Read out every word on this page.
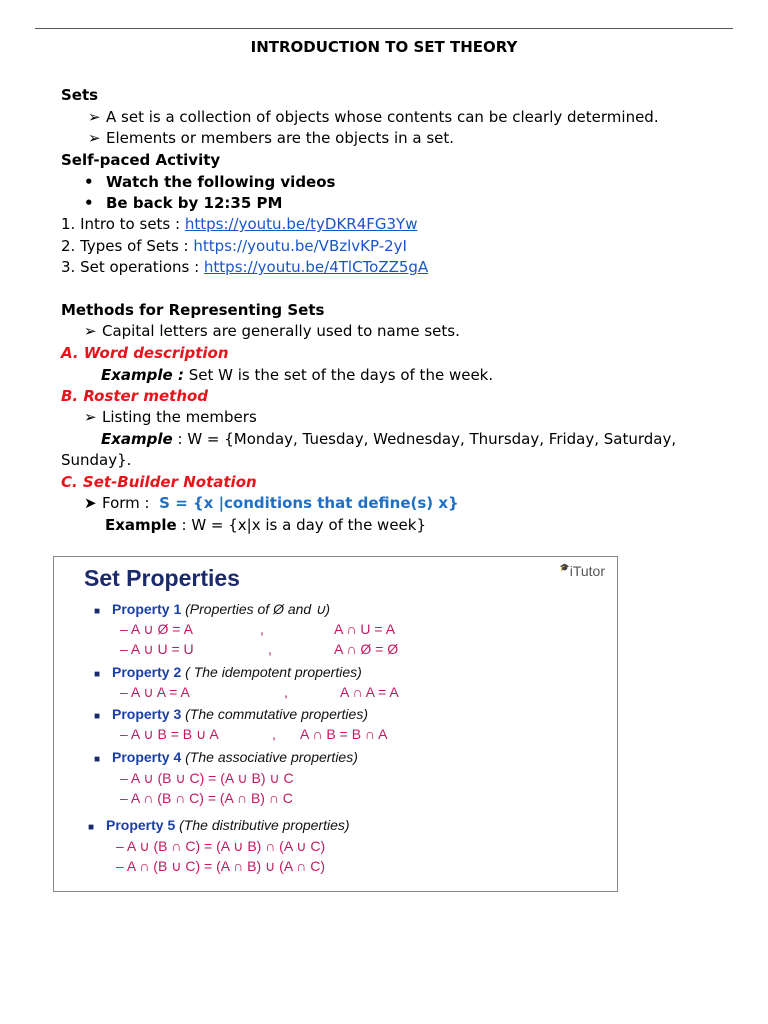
INTRODUCTION TO SET THEORY
Sets
➢ A set is a collection of objects whose contents can be clearly determined.
➢ Elements or members are the objects in a set.
Self-paced Activity
• Watch the following videos
• Be back by 12:35 PM
1. Intro to sets : https://youtu.be/tyDKR4FG3Yw
2. Types of Sets : https://youtu.be/VBzlvKP-2yI
3. Set operations : https://youtu.be/4TlCToZZ5gA
Methods for Representing Sets
➢ Capital letters are generally used to name sets.
A. Word description
Example : Set W is the set of the days of the week.
B. Roster method
➢ Listing the members
Example : W = {Monday, Tuesday, Wednesday, Thursday, Friday, Saturday,
Sunday}.
C. Set-Builder Notation
➤ Form :  S = {x |conditions that define(s) x}
Example : W = {x|x is a day of the week}
Set Properties	🎓iTutor
■ Property 1 (Properties of Ø and ∪)
– A ∪ Ø = A	,	A ∩ U = A
– A ∪ U = U	,	A ∩ Ø = Ø
■ Property 2 ( The idempotent properties)
– A ∪ A = A	,	A ∩ A = A
■ Property 3 (The commutative properties)
– A ∪ B = B ∪ A	, A ∩ B = B ∩ A
■ Property 4 (The associative properties)
– A ∪ (B ∪ C) = (A ∪ B) ∪ C
– A ∩ (B ∩ C) = (A ∩ B) ∩ C
■ Property 5 (The distributive properties)
– A ∪ (B ∩ C) = (A ∪ B) ∩ (A ∪ C)
– A ∩ (B ∪ C) = (A ∩ B) ∪ (A ∩ C)
